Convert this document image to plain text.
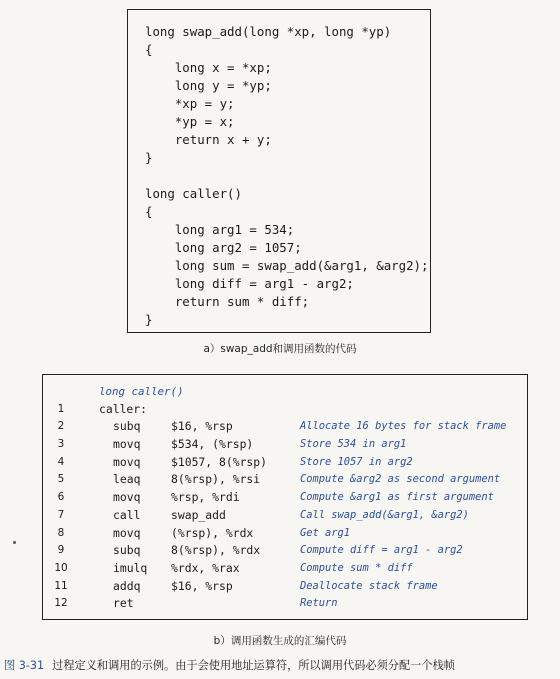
long swap_add(long *xp, long *yp)
{
long x = *xp;
long y = *yp;
*xp = y;
*yp = x;
return x + y;
}

long caller()
{
long arg1 = 534;
long arg2 = 1057;
long sum = swap_add(&arg1, &arg2);
long diff = arg1 - arg2;
return sum * diff;
}

a）swap_add和调用函数的代码
long caller()
1	caller:
2	subq	$16, %rsp	Allocate 16 bytes for stack frame
3	movq	$534, (%rsp)	Store 534 in arg1
4	movq	$1057, 8(%rsp)	Store 1057 in arg2
5	leaq	8(%rsp), %rsi	Compute &arg2 as second argument
6	movq	%rsp, %rdi	Compute &arg1 as first argument
7	call	swap_add	Call swap_add(&arg1, &arg2)
8	movq	(%rsp), %rdx	Get arg1
9	subq	8(%rsp), %rdx	Compute diff = arg1 - arg2
10	imulq %rdx, %rax	Compute sum * diff
11	addq	$16, %rsp	Deallocate stack frame
12	ret	Return
b）调用函数生成的汇编代码
图 3-31 过程定义和调用的示例。由于会使用地址运算符，所以调用代码必须分配一个栈帧
